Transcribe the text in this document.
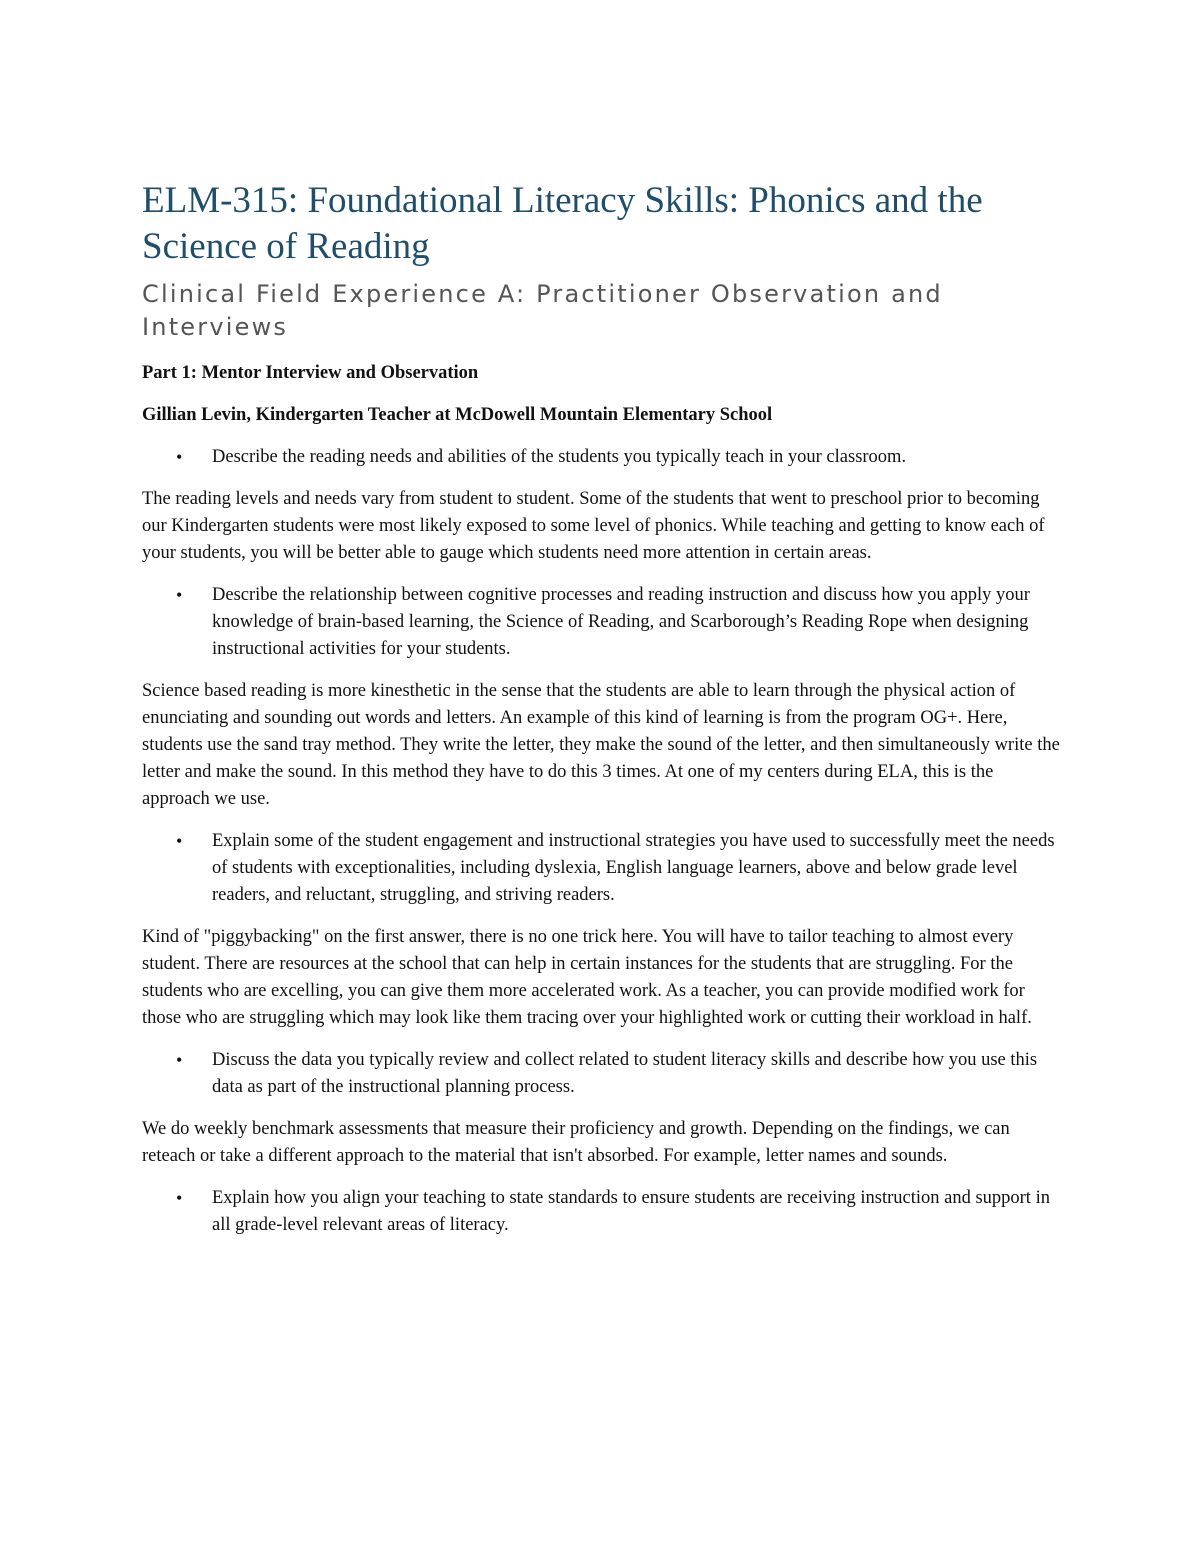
ELM-315: Foundational Literacy Skills: Phonics and the Science of Reading
Clinical Field Experience A: Practitioner Observation and Interviews

Part 1: Mentor Interview and Observation

Gillian Levin, Kindergarten Teacher at McDowell Mountain Elementary School

• Describe the reading needs and abilities of the students you typically teach in your classroom.

The reading levels and needs vary from student to student. Some of the students that went to preschool prior to becoming our Kindergarten students were most likely exposed to some level of phonics. While teaching and getting to know each of your students, you will be better able to gauge which students need more attention in certain areas.

• Describe the relationship between cognitive processes and reading instruction and discuss how you apply your knowledge of brain-based learning, the Science of Reading, and Scarborough’s Reading Rope when designing instructional activities for your students.

Science based reading is more kinesthetic in the sense that the students are able to learn through the physical action of enunciating and sounding out words and letters. An example of this kind of learning is from the program OG+. Here, students use the sand tray method. They write the letter, they make the sound of the letter, and then simultaneously write the letter and make the sound. In this method they have to do this 3 times. At one of my centers during ELA, this is the approach we use.

• Explain some of the student engagement and instructional strategies you have used to successfully meet the needs of students with exceptionalities, including dyslexia, English language learners, above and below grade level readers, and reluctant, struggling, and striving readers.

Kind of "piggybacking" on the first answer, there is no one trick here. You will have to tailor teaching to almost every student. There are resources at the school that can help in certain instances for the students that are struggling. For the students who are excelling, you can give them more accelerated work. As a teacher, you can provide modified work for those who are struggling which may look like them tracing over your highlighted work or cutting their workload in half.

• Discuss the data you typically review and collect related to student literacy skills and describe how you use this data as part of the instructional planning process.

We do weekly benchmark assessments that measure their proficiency and growth. Depending on the findings, we can reteach or take a different approach to the material that isn't absorbed. For example, letter names and sounds.

• Explain how you align your teaching to state standards to ensure students are receiving instruction and support in all grade-level relevant areas of literacy.
